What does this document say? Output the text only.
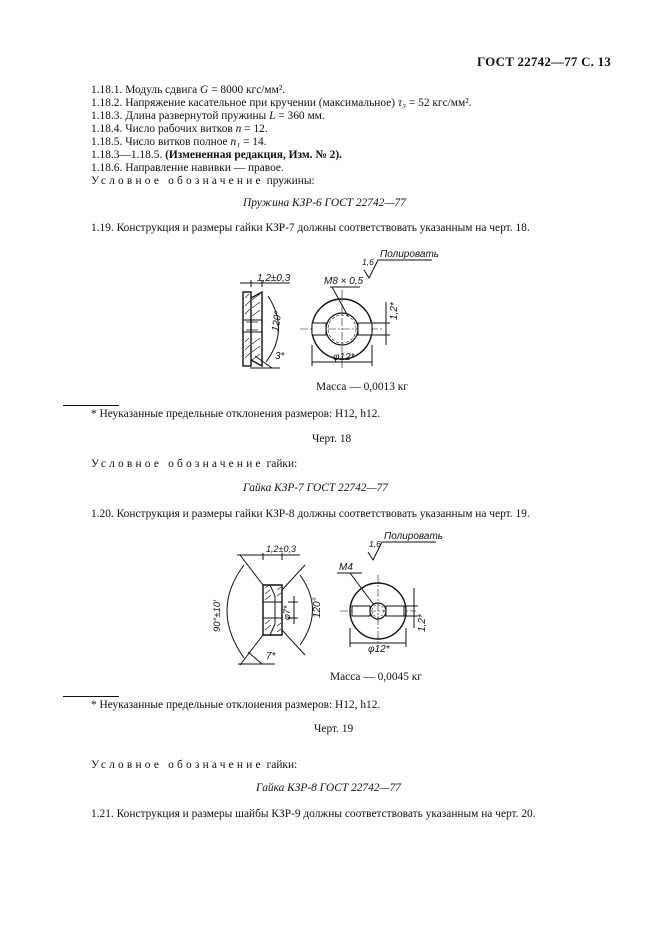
ГОСТ 22742—77 С. 13
1.18.1. Модуль сдвига G = 8000 кгс/мм².
1.18.2. Напряжение касательное при кручении (максимальное) τ₃ = 52 кгс/мм².
1.18.3. Длина развернутой пружины L = 360 мм.
1.18.4. Число рабочих витков n = 12.
1.18.5. Число витков полное n₁ = 14.
1.18.3—1.18.5. (Измененная редакция, Изм. № 2).
1.18.6. Направление навивки — правое.
Условное обозначение пружины:
Пружина КЗР-6 ГОСТ 22742—77
1.19. Конструкция и размеры гайки КЗР-7 должны соответствовать указанным на черт. 18.
1,2±0,3	М8 × 0,5
1,6
Полировать
120°	1,2*
3*	φ12*
Масса — 0,0013 кг
* Неуказанные предельные отклонения размеров: H12, h12.
Черт. 18
Условное обозначение гайки:
Гайка КЗР-7 ГОСТ 22742—77
1.20. Конструкция и размеры гайки КЗР-8 должны соответствовать указанным на черт. 19.
1,2±0,3
М4
1,6
Полировать
90°±10'	120°
φ7*
1,2*
7*
φ12*
Масса — 0,0045 кг
* Неуказанные предельные отклонения размеров: H12, h12.
Черт. 19
Условное обозначение гайки:
Гайка КЗР-8 ГОСТ 22742—77
1.21. Конструкция и размеры шайбы КЗР-9 должны соответствовать указанным на черт. 20.
